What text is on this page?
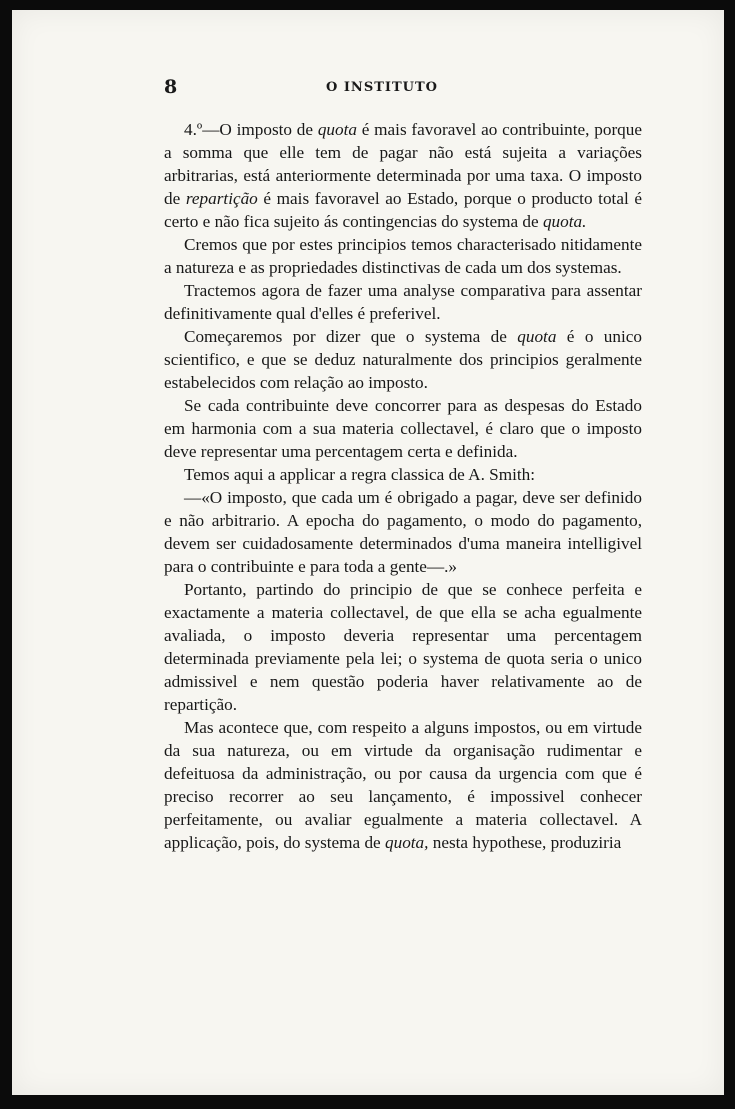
8	O INSTITUTO

4.º—O imposto de quota é mais favoravel ao contribuinte, porque a somma que elle tem de pagar não está sujeita a variações arbitrarias, está anteriormente determinada por uma taxa. O imposto de repartição é mais favoravel ao Estado, porque o producto total é certo e não fica sujeito ás contingencias do systema de quota.

Cremos que por estes principios temos characterisado nitidamente a natureza e as propriedades distinctivas de cada um dos systemas.

Tractemos agora de fazer uma analyse comparativa para assentar definitivamente qual d'elles é preferivel.

Começaremos por dizer que o systema de quota é o unico scientifico, e que se deduz naturalmente dos principios geralmente estabelecidos com relação ao imposto.

Se cada contribuinte deve concorrer para as despesas do Estado em harmonia com a sua materia collectavel, é claro que o imposto deve representar uma percentagem certa e definida.

Temos aqui a applicar a regra classica de A. Smith:

—«O imposto, que cada um é obrigado a pagar, deve ser definido e não arbitrario. A epocha do pagamento, o modo do pagamento, devem ser cuidadosamente determinados d'uma maneira intelligivel para o contribuinte e para toda a gente—.»

Portanto, partindo do principio de que se conhece perfeita e exactamente a materia collectavel, de que ella se acha egualmente avaliada, o imposto deveria representar uma percentagem determinada previamente pela lei; o systema de quota seria o unico admissivel e nem questão poderia haver relativamente ao de repartição.

Mas acontece que, com respeito a alguns impostos, ou em virtude da sua natureza, ou em virtude da organisação rudimentar e defeituosa da administração, ou por causa da urgencia com que é preciso recorrer ao seu lançamento, é impossivel conhecer perfeitamente, ou avaliar egualmente a materia collectavel. A applicação, pois, do systema de quota, nesta hypothese, produziria
